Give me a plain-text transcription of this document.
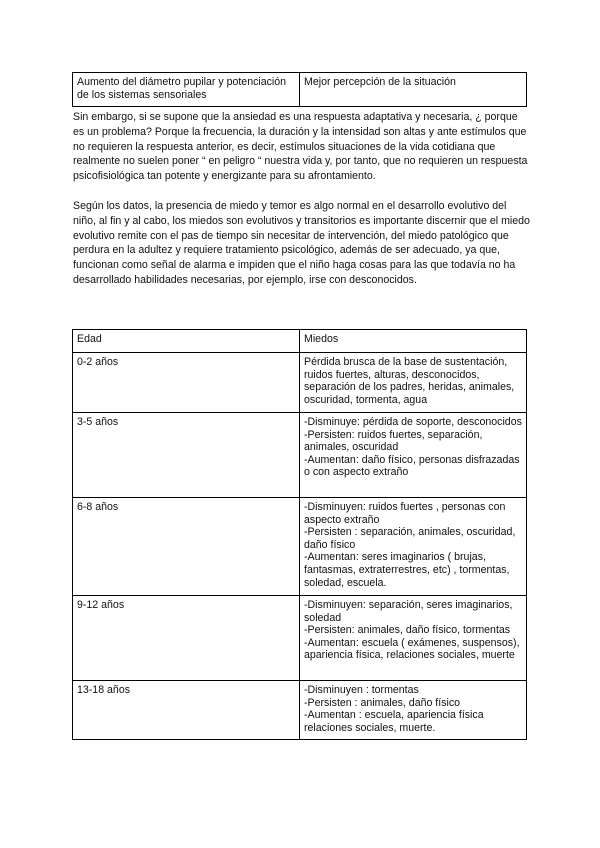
Aumento del diámetro pupilar y potenciación de los sistemas sensoriales	Mejor percepción de la situación

Sin embargo, si se supone que la ansiedad es una respuesta adaptativa y necesaria, ¿ porque es un problema? Porque la frecuencia, la duración y la intensidad son altas y ante estímulos que no requieren la respuesta anterior, es decir, estímulos situaciones de la vida cotidiana que realmente no suelen poner “ en peligro “ nuestra vida y, por tanto, que no requieren un respuesta psicofisiológica tan potente y energizante para su afrontamiento.

Según los datos, la presencia de miedo y temor es algo normal en el desarrollo evolutivo del niño, al fin y al cabo, los miedos son evolutivos y transitorios es importante discernir que el miedo evolutivo remite con el pas de tiempo sin necesitar de intervención, del miedo patológico que perdura en la adultez y requiere tratamiento psicológico, además de ser adecuado, ya que, funcionan como señal de alarma e impiden que el niño haga cosas para las que todavía no ha desarrollado habilidades necesarias, por ejemplo, irse con desconocidos.

Edad	Miedos
0-2 años	Pérdida brusca de la base de sustentación, ruidos fuertes, alturas, desconocidos, separación de los padres, heridas, animales, oscuridad, tormenta, agua

3-5 años	-Disminuye: pérdida de soporte, desconocidos
-Persisten: ruidos fuertes, separación, animales, oscuridad
-Aumentan: daño físico, personas disfrazadas o con aspecto extraño

6-8 años	-Disminuyen: ruidos fuertes , personas con aspecto extraño
-Persisten : separación, animales, oscuridad, daño físico
-Aumentan: seres imaginarios ( brujas, fantasmas, extraterrestres, etc) , tormentas, soledad, escuela.

9-12 años	-Disminuyen: separación, seres imaginarios, soledad
-Persisten: animales, daño físico, tormentas
-Aumentan: escuela ( exámenes, suspensos), apariencia física, relaciones sociales, muerte

13-18 años	-Disminuyen : tormentas
-Persisten : animales, daño físico
-Aumentan : escuela, apariencia física relaciones sociales, muerte.
